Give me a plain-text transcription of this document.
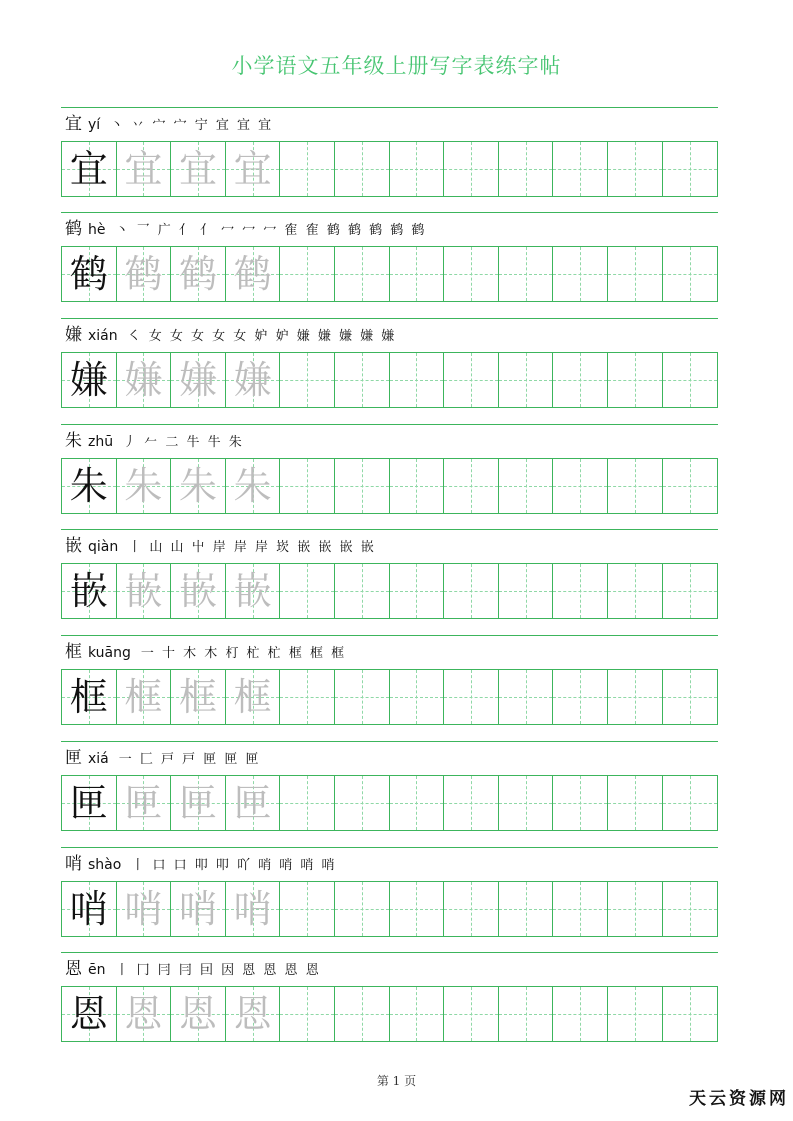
小学语文五年级上册写字表练字帖
宜 yí 丶 丷 宀 宀 宁 宜 宜 宜
宜 宜 宜 宜
鹤 hè 丶 乛 广 亻 亻 冖 冖 冖 隺 隺 鹤 鹤 鹤 鹤 鹤
鹤 鹤 鹤 鹤
嫌 xián ㇛ 女 女 女 女 女 妒 妒 嫌 嫌 嫌 嫌 嫌
嫌 嫌 嫌 嫌
朱 zhū 丿 𠂉 二 牛 牛 朱
朱 朱 朱 朱
嵌 qiàn 丨 山 山 屮 岸 岸 岸 崁 嵌 嵌 嵌 嵌
嵌 嵌 嵌 嵌
框 kuāng 一 十 木 木 朾 杧 杧 框 框 框
框 框 框 框
匣 xiá 一 匚 戸 戸 匣 匣 匣
匣 匣 匣 匣
哨 shào 丨 口 口 叩 叩 吖 哨 哨 哨 哨
哨 哨 哨 哨
恩 ēn 丨 冂 冃 冃 囙 因 恩 恩 恩 恩
恩 恩 恩 恩
第 1 页
天云资源网
